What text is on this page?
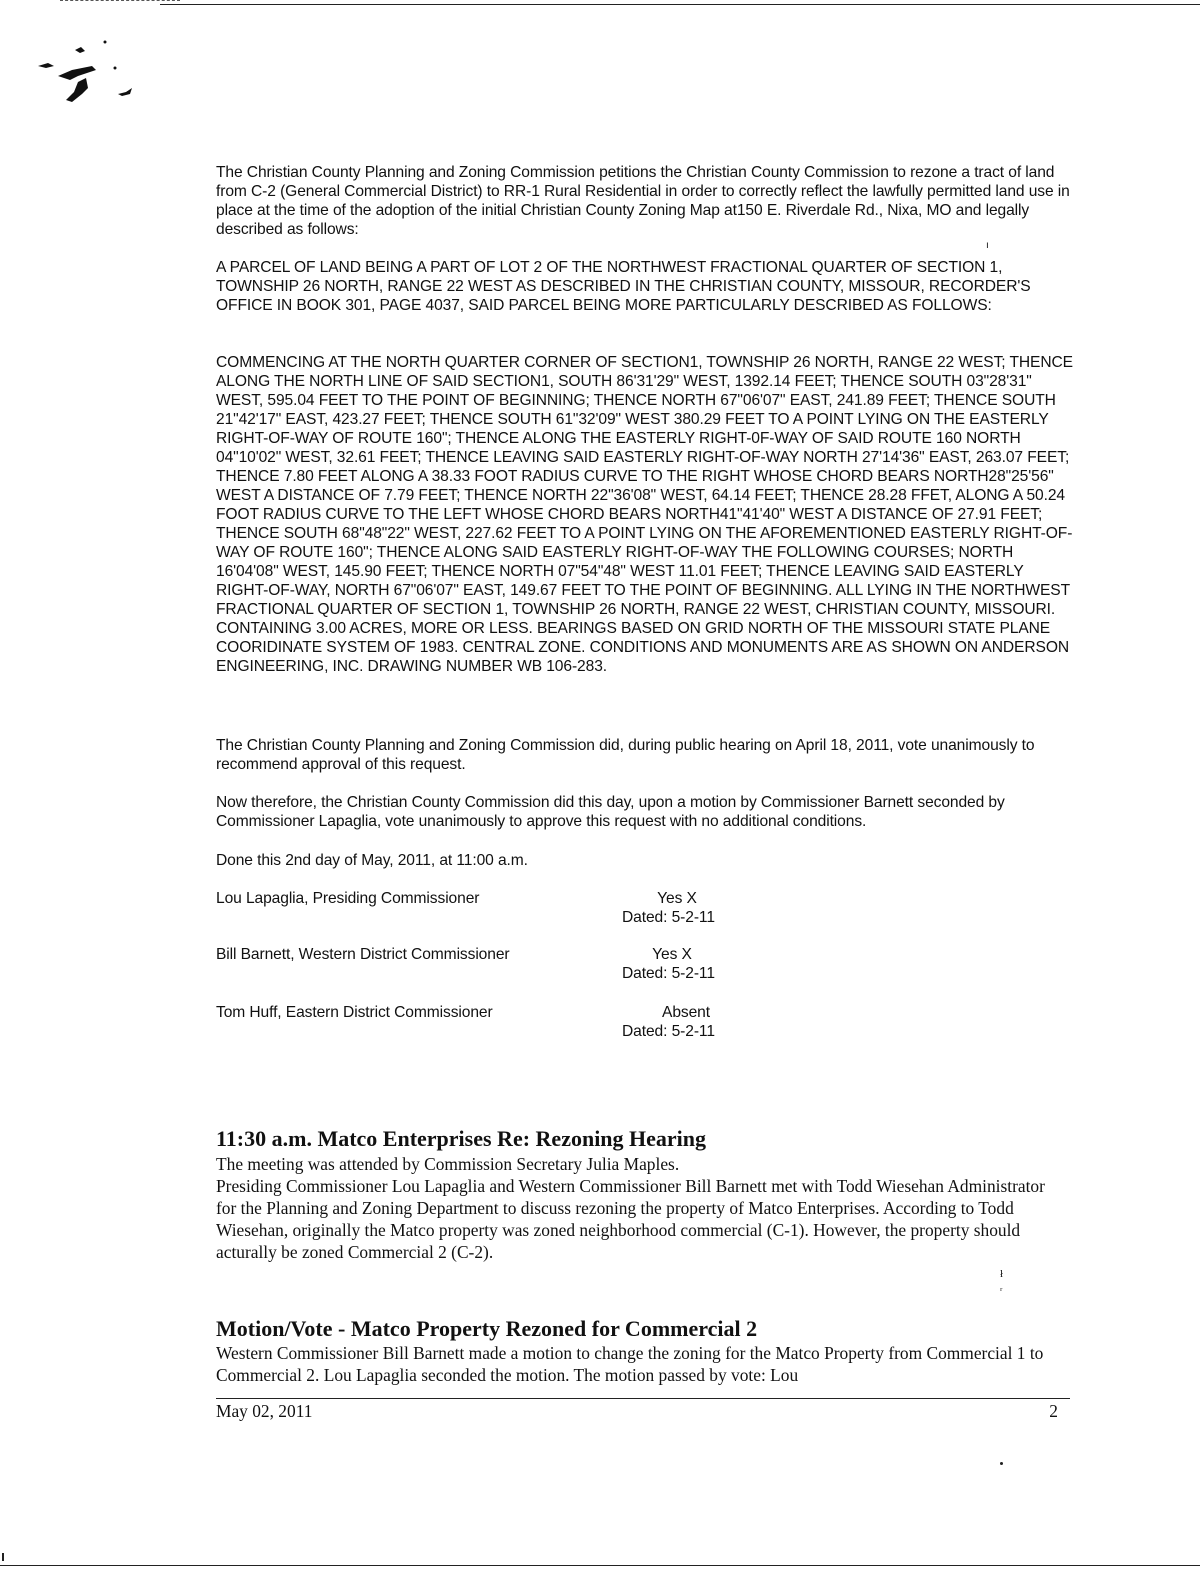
The Christian County Planning and Zoning Commission petitions the Christian County Commission to rezone a tract of land from C-2 (General Commercial District) to RR-1 Rural Residential in order to correctly reflect the lawfully permitted land use in place at the time of the adoption of the initial Christian County Zoning Map at150 E. Riverdale Rd., Nixa, MO and legally described as follows:

ı

A PARCEL OF LAND BEING A PART OF LOT 2 OF THE NORTHWEST FRACTIONAL QUARTER OF SECTION 1, TOWNSHIP 26 NORTH, RANGE 22 WEST AS DESCRIBED IN THE CHRISTIAN COUNTY, MISSOUR, RECORDER'S OFFICE IN BOOK 301, PAGE 4037, SAID PARCEL BEING MORE PARTICULARLY DESCRIBED AS FOLLOWS:

COMMENCING AT THE NORTH QUARTER CORNER OF SECTION1, TOWNSHIP 26 NORTH, RANGE 22 WEST; THENCE ALONG THE NORTH LINE OF SAID SECTION1, SOUTH 86'31'29" WEST, 1392.14 FEET; THENCE SOUTH 03"28'31" WEST, 595.04 FEET TO THE POINT OF BEGINNING; THENCE NORTH 67"06'07" EAST, 241.89 FEET; THENCE SOUTH 21"42'17" EAST, 423.27 FEET; THENCE SOUTH 61"32'09" WEST 380.29 FEET TO A POINT LYING ON THE EASTERLY RIGHT-OF-WAY OF ROUTE 160"; THENCE ALONG THE EASTERLY RIGHT-0F-WAY OF SAID ROUTE 160 NORTH 04"10'02" WEST, 32.61 FEET; THENCE LEAVING SAID EASTERLY RIGHT-OF-WAY NORTH 27'14'36" EAST, 263.07 FEET; THENCE 7.80 FEET ALONG A 38.33 FOOT RADIUS CURVE TO THE RIGHT WHOSE CHORD BEARS NORTH28"25'56" WEST A DISTANCE OF 7.79 FEET; THENCE NORTH 22"36'08" WEST, 64.14 FEET; THENCE 28.28 FFET, ALONG A 50.24 FOOT RADIUS CURVE TO THE LEFT WHOSE CHORD BEARS NORTH41"41'40" WEST A DISTANCE OF 27.91 FEET; THENCE SOUTH 68"48"22" WEST, 227.62 FEET TO A POINT LYING ON THE AFOREMENTIONED EASTERLY RIGHT-OF-WAY OF ROUTE 160"; THENCE ALONG SAID EASTERLY RIGHT-OF-WAY THE FOLLOWING COURSES; NORTH 16'04'08" WEST, 145.90 FEET; THENCE NORTH 07"54"48" WEST 11.01 FEET; THENCE LEAVING SAID EASTERLY RIGHT-OF-WAY, NORTH 67"06'07" EAST, 149.67 FEET TO THE POINT OF BEGINNING. ALL LYING IN THE NORTHWEST FRACTIONAL QUARTER OF SECTION 1, TOWNSHIP 26 NORTH, RANGE 22 WEST, CHRISTIAN COUNTY, MISSOURI. CONTAINING 3.00 ACRES, MORE OR LESS. BEARINGS BASED ON GRID NORTH OF THE MISSOURI STATE PLANE COORIDINATE SYSTEM OF 1983. CENTRAL ZONE. CONDITIONS AND MONUMENTS ARE AS SHOWN ON ANDERSON ENGINEERING, INC. DRAWING NUMBER WB 106-283.

The Christian County Planning and Zoning Commission did, during public hearing on April 18, 2011, vote unanimously to recommend approval of this request.

Now therefore, the Christian County Commission did this day, upon a motion by Commissioner Barnett seconded by Commissioner Lapaglia, vote unanimously to approve this request with no additional conditions.

Done this 2nd day of May, 2011, at 11:00 a.m.

Lou Lapaglia, Presiding Commissioner	Yes X
Dated: 5-2-11
Bill Barnett, Western District Commissioner	Yes X
Dated: 5-2-11
Tom Huff, Eastern District Commissioner	Absent
Dated: 5-2-11
11:30 a.m. Matco Enterprises Re: Rezoning Hearing

The meeting was attended by Commission Secretary Julia Maples.

Presiding Commissioner Lou Lapaglia and Western Commissioner Bill Barnett met with Todd Wiesehan Administrator for the Planning and Zoning Department to discuss rezoning the property of Matco Enterprises. According to Todd Wiesehan, originally the Matco property was zoned neighborhood commercial (C-1). However, the property should acturally be zoned Commercial 2 (C-2).

ł
ʳ
Motion/Vote - Matco Property Rezoned for Commercial 2

Western Commissioner Bill Barnett made a motion to change the zoning for the Matco Property from Commercial 1 to Commercial 2. Lou Lapaglia seconded the motion. The motion passed by vote: Lou

May 02, 2011	2
